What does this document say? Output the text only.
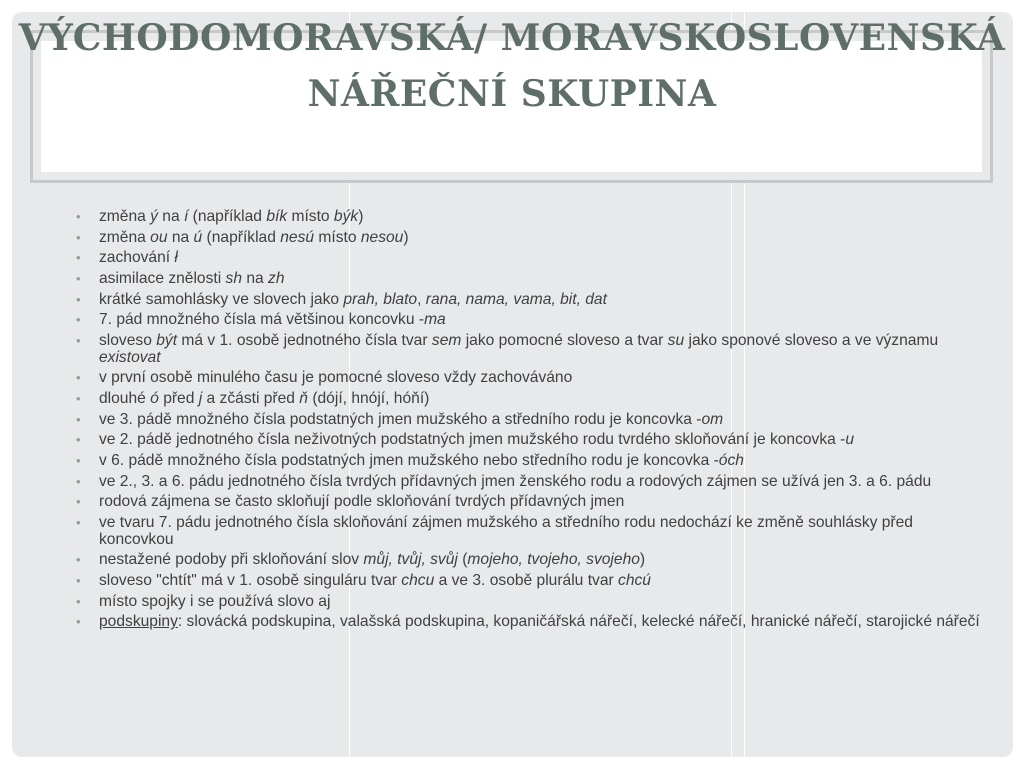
VÝCHODOMORAVSKÁ/ MORAVSKOSLOVENSKÁ NÁŘEČNÍ SKUPINA
• změna ý na í (například bík místo býk)
• změna ou na ú (například nesú místo nesou)
• zachování ł
• asimilace znělosti sh na zh
• krátké samohlásky ve slovech jako prah, blato, rana, nama, vama, bit, dat
• 7. pád množného čísla má většinou koncovku -ma
• sloveso být má v 1. osobě jednotného čísla tvar sem jako pomocné sloveso a tvar su jako sponové sloveso a ve významu existovat
• v první osobě minulého času je pomocné sloveso vždy zachováváno
• dlouhé ó před j a zčásti před ň (dójí, hnójí, hóňí)
• ve 3. pádě množného čísla podstatných jmen mužského a středního rodu je koncovka -om
• ve 2. pádě jednotného čísla neživotných podstatných jmen mužského rodu tvrdého skloňování je koncovka -u
• v 6. pádě množného čísla podstatných jmen mužského nebo středního rodu je koncovka -óch
• ve 2., 3. a 6. pádu jednotného čísla tvrdých přídavných jmen ženského rodu a rodových zájmen se užívá jen 3. a 6. pádu
• rodová zájmena se často skloňují podle skloňování tvrdých přídavných jmen
• ve tvaru 7. pádu jednotného čísla skloňování zájmen mužského a středního rodu nedochází ke změně souhlásky před koncovkou
• nestažené podoby při skloňování slov můj, tvůj, svůj (mojeho, tvojeho, svojeho)
• sloveso "chtít" má v 1. osobě singuláru tvar chcu a ve 3. osobě plurálu tvar chcú
• místo spojky i se používá slovo aj
• podskupiny: slovácká podskupina, valašská podskupina, kopaničářská nářečí, kelecké nářečí, hranické nářečí, starojické nářečí
